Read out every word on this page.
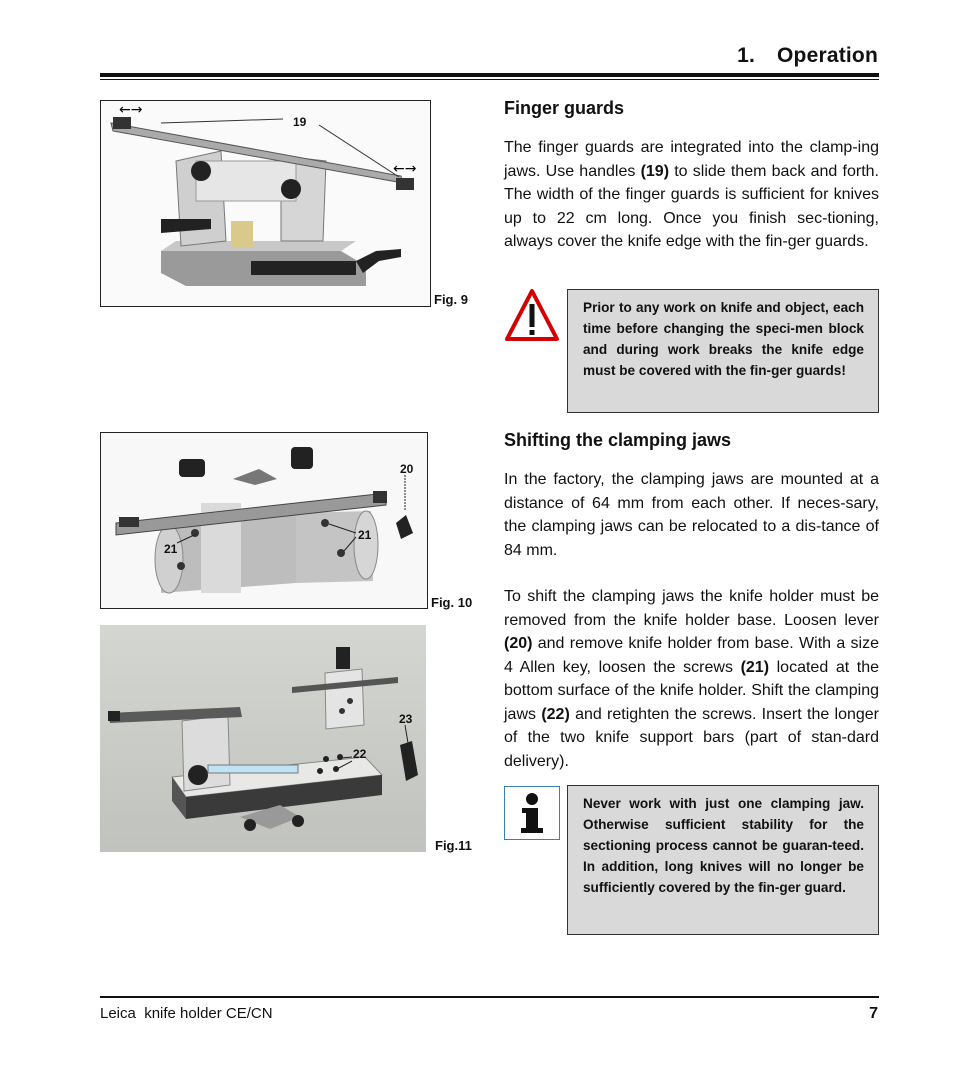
1. Operation
←→
←→
19
Fig. 9
20
21
21
Fig. 10
23
22
Fig.11
Finger guards

The finger guards are integrated into the clamp-ing jaws. Use handles (19) to slide them back and forth. The width of the finger guards is sufficient for knives up to 22 cm long. Once you finish sec-tioning, always cover the knife edge with the fin-ger guards.

Prior to any work on knife and object, each time before changing the speci-men block and during work breaks the knife edge must be covered with the fin-ger guards!
Shifting the clamping jaws

In the factory, the clamping jaws are mounted at a distance of 64 mm from each other. If neces-sary, the clamping jaws can be relocated to a dis-tance of 84 mm.

To shift the clamping jaws the knife holder must be removed from the knife holder base. Loosen lever (20) and remove knife holder from base. With a size 4 Allen key, loosen the screws (21) located at the bottom surface of the knife holder. Shift the clamping jaws (22) and retighten the screws. Insert the longer of the two knife support bars (part of stan-dard delivery).

Never work with just one clamping jaw. Otherwise sufficient stability for the sectioning process cannot be guaran-teed. In addition, long knives will no longer be sufficiently covered by the fin-ger guard.
Leica  knife holder CE/CN	7
